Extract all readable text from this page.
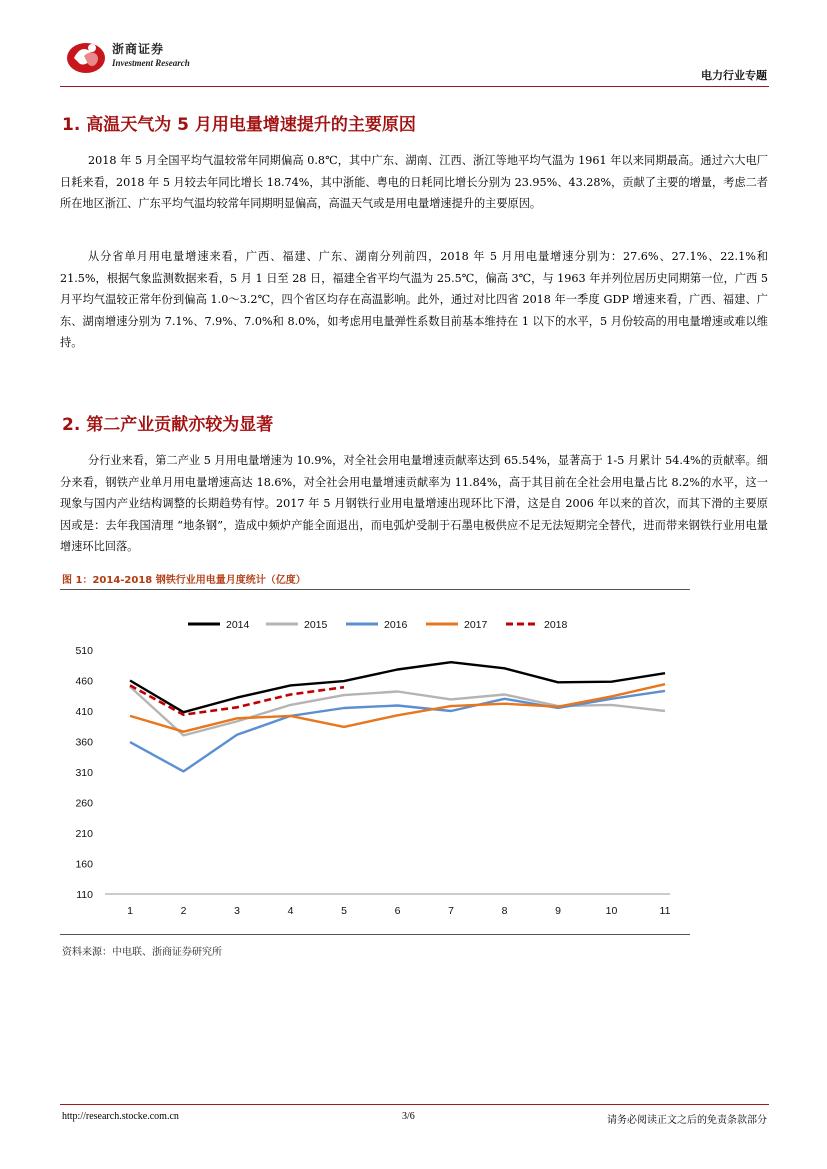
浙商证券
Investment Research
电力行业专题
1. 高温天气为 5 月用电量增速提升的主要原因

2018 年 5 月全国平均气温较常年同期偏高 0.8℃，其中广东、湖南、江西、浙江等地平均气温为 1961 年以来同期最高。通过六大电厂日耗来看，2018 年 5 月较去年同比增长 18.74%，其中浙能、粤电的日耗同比增长分别为 23.95%、43.28%，贡献了主要的增量，考虑二者所在地区浙江、广东平均气温均较常年同期明显偏高，高温天气或是用电量增速提升的主要原因。

从分省单月用电量增速来看，广西、福建、广东、湖南分列前四，2018 年 5 月用电量增速分别为：27.6%、27.1%、22.1%和 21.5%，根据气象监测数据来看，5 月 1 日至 28 日，福建全省平均气温为 25.5℃，偏高 3℃，与 1963 年并列位居历史同期第一位，广西 5 月平均气温较正常年份到偏高 1.0～3.2℃，四个省区均存在高温影响。此外，通过对比四省 2018 年一季度 GDP 增速来看，广西、福建、广东、湖南增速分别为 7.1%、7.9%、7.0%和 8.0%，如考虑用电量弹性系数目前基本维持在 1 以下的水平，5 月份较高的用电量增速或难以维持。

2. 第二产业贡献亦较为显著

分行业来看，第二产业 5 月用电量增速为 10.9%，对全社会用电量增速贡献率达到 65.54%，显著高于 1-5 月累计 54.4%的贡献率。细分来看，钢铁产业单月用电量增速高达 18.6%，对全社会用电量增速贡献率为 11.84%，高于其目前在全社会用电量占比 8.2%的水平，这一现象与国内产业结构调整的长期趋势有悖。2017 年 5 月钢铁行业用电量增速出现环比下滑，这是自 2006 年以来的首次，而其下滑的主要原因或是：去年我国清理 “地条钢”，造成中频炉产能全面退出，而电弧炉受制于石墨电极供应不足无法短期完全替代，进而带来钢铁行业用电量增速环比回落。

图 1：2014-2018 钢铁行业用电量月度统计（亿度）
110
160
210
260
310
360
410
460
510
1	2	3	4	5	6	7	8	9	10	11
2014	2015	2016	2017	2018
资料来源：中电联、浙商证券研究所
http://research.stocke.com.cn	3/6	请务必阅读正文之后的免责条款部分
